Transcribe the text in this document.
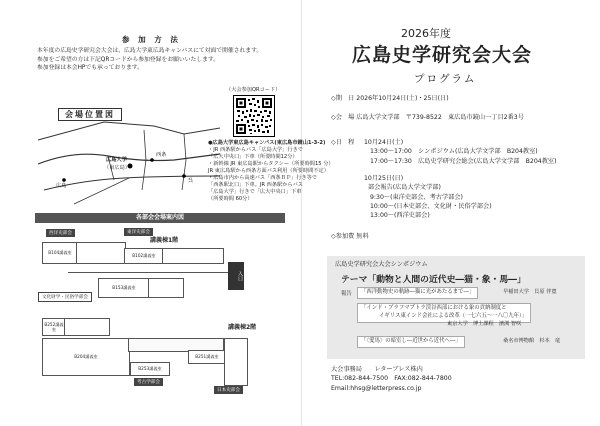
参 加 方 法
本年度の広島史学研究会大会は、広島大学東広島キャンパスにて対面で開催されます。
参加をご希望の方は下記QRコードから参加登録をお願いいたします。
参加登録は本会HPでも承っております。
（大会参加QRコード）
会場位置図
広島大学
西条
呉
広島
（東広島）
●広島大学東広島キャンパス(東広島市鏡山1-3-2)
・JR 西条駅からバス「広島大学」行きで
「広大中央口」下車（所要時間12分）
・新幹線 JR 東広島駅からタクシー（所要時間15 分）
JR 東広島駅から西条方面バス利用（所要時間不定）
・広島市内から高速バス「西条ＢＰ」行き等で
「西条駅北口」下車。JR 西条駅からバス
「広島大学」行きで「広大中央口」下車
（所要時間 60分）
各部会会場案内図
講義棟1階
西洋史部会	東洋史部会
B104講義室
B102講義室
B153講義室
入口
文化財学・民俗学部会
講義棟2階
B252講義室
B204講義室	B251講義室
B253講義室
考古学部会
日本史部会
2026年度
広島史学研究会大会
プログラム
◇期　日 2026年10月24日(土)・25日(日)
◇会　場 広島大学文学部　〒739-8522　東広島市鏡山一丁目2番3号
◇日　程 10月24日(土)
13:00～17:00　シンポジウム(広島大学文学部　B204教室)
17:00～17:30　広島史学研究会総会(広島大学文学部　B204教室)
10月25日(日)
部会報告(広島大学文学部)
9:30～(東洋史部会、考古学部会)
10:00～(日本史部会、文化財・民俗学部会)
13:00～(西洋史部会)
◇参加費 無料
広島史学研究会大会シンポジウム
テーマ「動物と人間の近代史―猫・象・馬―」
報告	「西洋動物史の軌跡―猫に光があたるまで―」	早稲田大学　貝原 伴寛
「インド・ブラフマプトラ渓谷西部における象の貢納制度と
イギリス東インド会社による改革（一七六五～一八〇九年）」
東京大学　博士課程　濱渕 智咲
「〈愛馬〉の暗室し―近世から近代へ―」	桑名市博物館　杉本　竜
大会事務局　　 レターブレス株内
TEL:082-844-7500　 FAX:082-844-7800
Email:hhsg@letterpress.co.jp
